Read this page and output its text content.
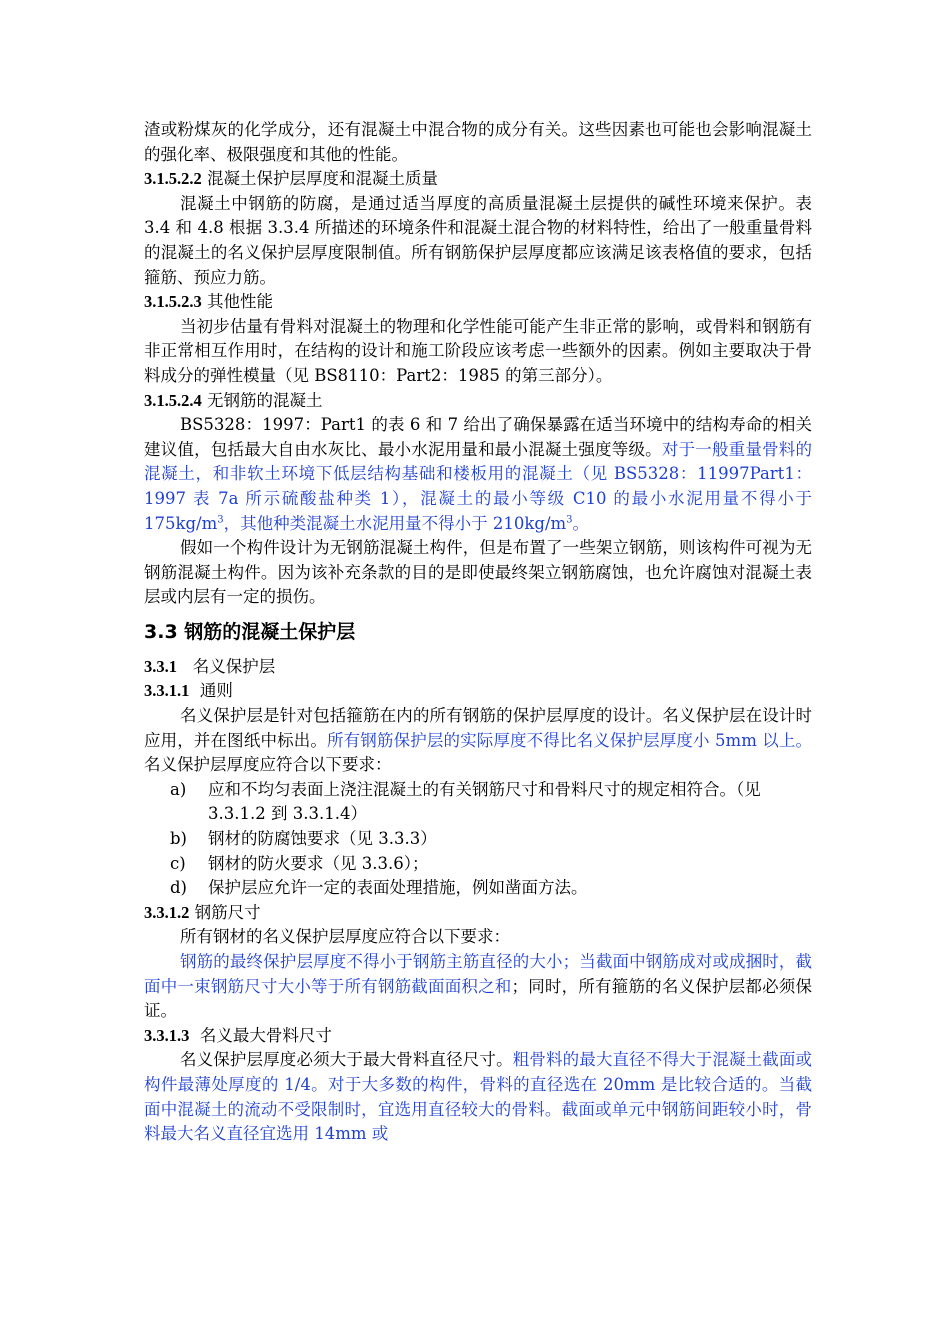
渣或粉煤灰的化学成分，还有混凝土中混合物的成分有关。这些因素也可能也会影响混凝土的强化率、极限强度和其他的性能。

3.1.5.2.2 混凝土保护层厚度和混凝土质量

混凝土中钢筋的防腐，是通过适当厚度的高质量混凝土层提供的碱性环境来保护。表 3.4 和 4.8 根据 3.3.4 所描述的环境条件和混凝土混合物的材料特性，给出了一般重量骨料的混凝土的名义保护层厚度限制值。所有钢筋保护层厚度都应该满足该表格值的要求，包括箍筋、预应力筋。

3.1.5.2.3 其他性能

当初步估量有骨料对混凝土的物理和化学性能可能产生非正常的影响，或骨料和钢筋有非正常相互作用时，在结构的设计和施工阶段应该考虑一些额外的因素。例如主要取决于骨料成分的弹性模量（见 BS8110：Part2：1985 的第三部分）。

3.1.5.2.4 无钢筋的混凝土

BS5328：1997：Part1 的表 6 和 7 给出了确保暴露在适当环境中的结构寿命的相关建议值，包括最大自由水灰比、最小水泥用量和最小混凝土强度等级。对于一般重量骨料的混凝土，和非软土环境下低层结构基础和楼板用的混凝土（见 BS5328：11997Part1：1997 表 7a 所示硫酸盐种类 1），混凝土的最小等级 C10 的最小水泥用量不得小于 $175kg/m^3$，其他种类混凝土水泥用量不得小于 $210kg/m^3$。

假如一个构件设计为无钢筋混凝土构件，但是布置了一些架立钢筋，则该构件可视为无钢筋混凝土构件。因为该补充条款的目的是即使最终架立钢筋腐蚀，也允许腐蚀对混凝土表层或内层有一定的损伤。

3.3 钢筋的混凝土保护层

3.3.1   名义保护层

3.3.1.1  通则

名义保护层是针对包括箍筋在内的所有钢筋的保护层厚度的设计。名义保护层在设计时应用，并在图纸中标出。所有钢筋保护层的实际厚度不得比名义保护层厚度小 5mm 以上。名义保护层厚度应符合以下要求：

a) 应和不均匀表面上浇注混凝土的有关钢筋尺寸和骨料尺寸的规定相符合。（见 3.3.1.2 到 3.3.1.4）
b) 钢材的防腐蚀要求（见 3.3.3）
c) 钢材的防火要求（见 3.3.6）；
d) 保护层应允许一定的表面处理措施，例如凿面方法。

3.3.1.2 钢筋尺寸

所有钢材的名义保护层厚度应符合以下要求：

钢筋的最终保护层厚度不得小于钢筋主筋直径的大小；当截面中钢筋成对或成捆时，截面中一束钢筋尺寸大小等于所有钢筋截面面积之和；同时，所有箍筋的名义保护层都必须保证。

3.3.1.3  名义最大骨料尺寸

名义保护层厚度必须大于最大骨料直径尺寸。粗骨料的最大直径不得大于混凝土截面或构件最薄处厚度的 1/4。对于大多数的构件，骨料的直径选在 20mm 是比较合适的。当截面中混凝土的流动不受限制时，宜选用直径较大的骨料。截面或单元中钢筋间距较小时，骨料最大名义直径宜选用 14mm 或
